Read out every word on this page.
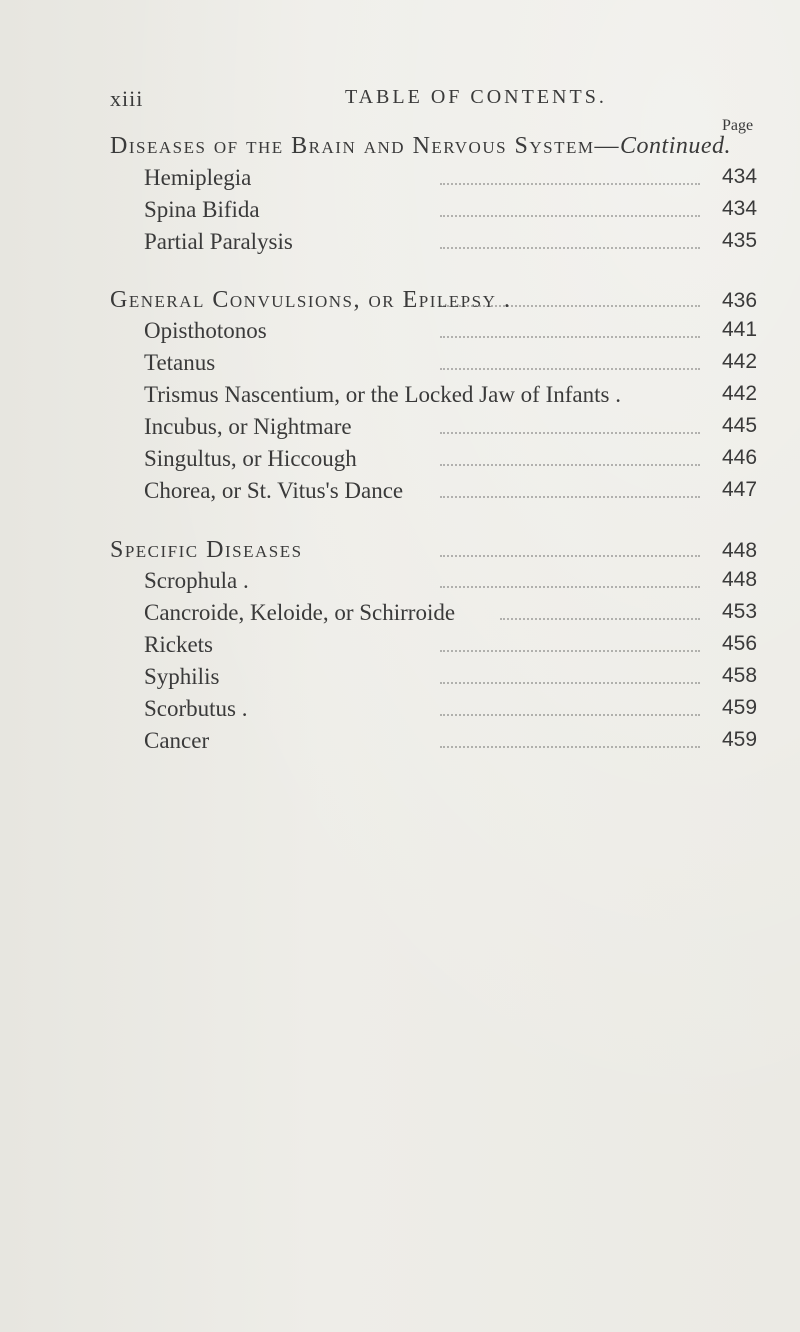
xiii	TABLE OF CONTENTS.
Page
Diseases of the Brain and Nervous System—Continued.
Hemiplegia	434
Spina Bifida	434
Partial Paralysis	435
General Convulsions, or Epilepsy .	436
Opisthotonos	441
Tetanus	442
Trismus Nascentium, or the Locked Jaw of Infants .	442
Incubus, or Nightmare	445
Singultus, or Hiccough	446
Chorea, or St. Vitus's Dance	447
Specific Diseases	448
Scrophula .	448
Cancroide, Keloide, or Schirroide	453
Rickets	456
Syphilis	458
Scorbutus .	459
Cancer	459
